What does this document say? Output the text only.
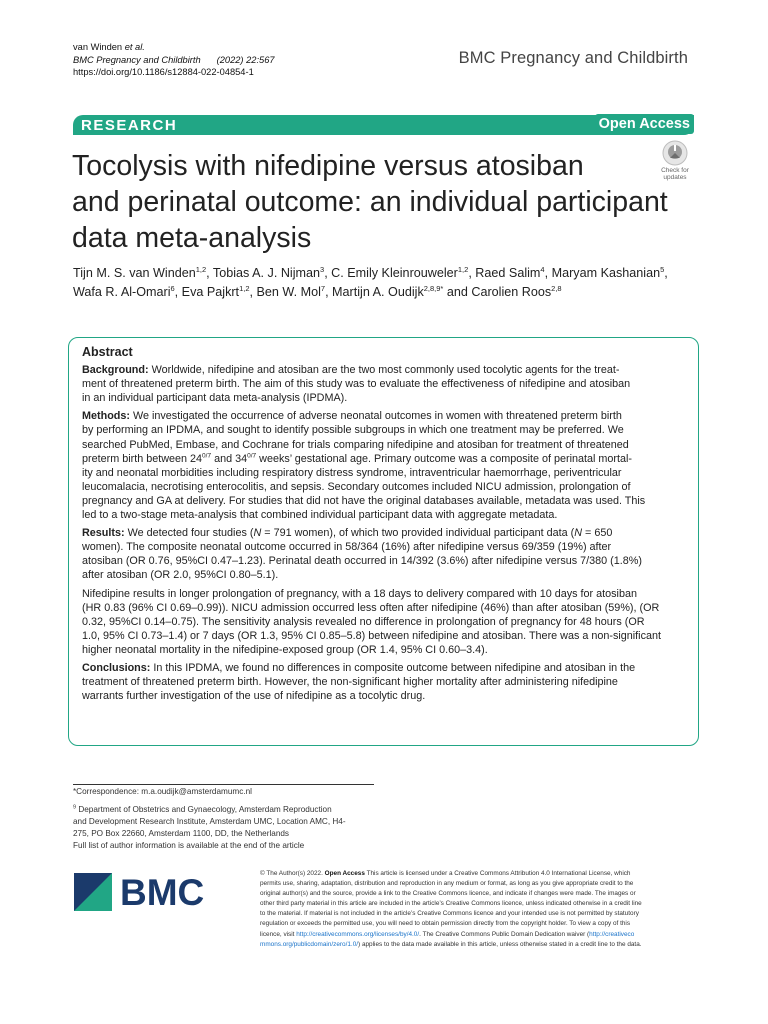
van Winden et al.
BMC Pregnancy and Childbirth (2022) 22:567
https://doi.org/10.1186/s12884-022-04854-1
BMC Pregnancy and Childbirth
RESEARCH	Open Access
Tocolysis with nifedipine versus atosiban
and perinatal outcome: an individual participant
data meta-analysis
Check for
updates
Tijn M. S. van Winden$^{1,2}$, Tobias A. J. Nijman$^3$, C. Emily Kleinrouweler$^{1,2}$, Raed Salim$^4$, Maryam Kashanian$^5$,
Wafa R. Al-Omari$^6$, Eva Pajkrt$^{1,2}$, Ben W. Mol$^7$, Martijn A. Oudijk$^{2,8,9*}$ and Carolien Roos$^{2,8}$
Abstract
Background: Worldwide, nifedipine and atosiban are the two most commonly used tocolytic agents for the treat-
ment of threatened preterm birth. The aim of this study was to evaluate the effectiveness of nifedipine and atosiban
in an individual participant data meta-analysis (IPDMA).
Methods: We investigated the occurrence of adverse neonatal outcomes in women with threatened preterm birth
by performing an IPDMA, and sought to identify possible subgroups in which one treatment may be preferred. We
searched PubMed, Embase, and Cochrane for trials comparing nifedipine and atosiban for treatment of threatened
preterm birth between $24^{0/7}$ and $34^{0/7}$ weeks’ gestational age. Primary outcome was a composite of perinatal mortal-
ity and neonatal morbidities including respiratory distress syndrome, intraventricular haemorrhage, periventricular
leucomalacia, necrotising enterocolitis, and sepsis. Secondary outcomes included NICU admission, prolongation of
pregnancy and GA at delivery. For studies that did not have the original databases available, metadata was used. This
led to a two-stage meta-analysis that combined individual participant data with aggregate metadata.
Results: We detected four studies (N = 791 women), of which two provided individual participant data (N = 650
women). The composite neonatal outcome occurred in 58/364 (16%) after nifedipine versus 69/359 (19%) after
atosiban (OR 0.76, 95%CI 0.47–1.23). Perinatal death occurred in 14/392 (3.6%) after nifedipine versus 7/380 (1.8%)
after atosiban (OR 2.0, 95%CI 0.80–5.1).
Nifedipine results in longer prolongation of pregnancy, with a 18 days to delivery compared with 10 days for atosiban
(HR 0.83 (96% CI 0.69–0.99)). NICU admission occurred less often after nifedipine (46%) than after atosiban (59%), (OR
0.32, 95%CI 0.14–0.75). The sensitivity analysis revealed no difference in prolongation of pregnancy for 48 hours (OR
1.0, 95% CI 0.73–1.4) or 7 days (OR 1.3, 95% CI 0.85–5.8) between nifedipine and atosiban. There was a non-significant
higher neonatal mortality in the nifedipine-exposed group (OR 1.4, 95% CI 0.60–3.4).
Conclusions: In this IPDMA, we found no differences in composite outcome between nifedipine and atosiban in the
treatment of threatened preterm birth. However, the non-significant higher mortality after administering nifedipine
warrants further investigation of the use of nifedipine as a tocolytic drug.
*Correspondence: m.a.oudijk@amsterdamumc.nl
$^9$ Department of Obstetrics and Gynaecology, Amsterdam Reproduction
and Development Research Institute, Amsterdam UMC, Location AMC, H4-
275, PO Box 22660, Amsterdam 1100, DD, the Netherlands
Full list of author information is available at the end of the article
BMC	© The Author(s) 2022. Open Access This article is licensed under a Creative Commons Attribution 4.0 International License, which
permits use, sharing, adaptation, distribution and reproduction in any medium or format, as long as you give appropriate credit to the
original author(s) and the source, provide a link to the Creative Commons licence, and indicate if changes were made. The images or
other third party material in this article are included in the article’s Creative Commons licence, unless indicated otherwise in a credit line
to the material. If material is not included in the article’s Creative Commons licence and your intended use is not permitted by statutory
regulation or exceeds the permitted use, you will need to obtain permission directly from the copyright holder. To view a copy of this
licence, visit http://creativecommons.org/licenses/by/4.0/. The Creative Commons Public Domain Dedication waiver (http://creativeco
mmons.org/publicdomain/zero/1.0/) applies to the data made available in this article, unless otherwise stated in a credit line to the data.
